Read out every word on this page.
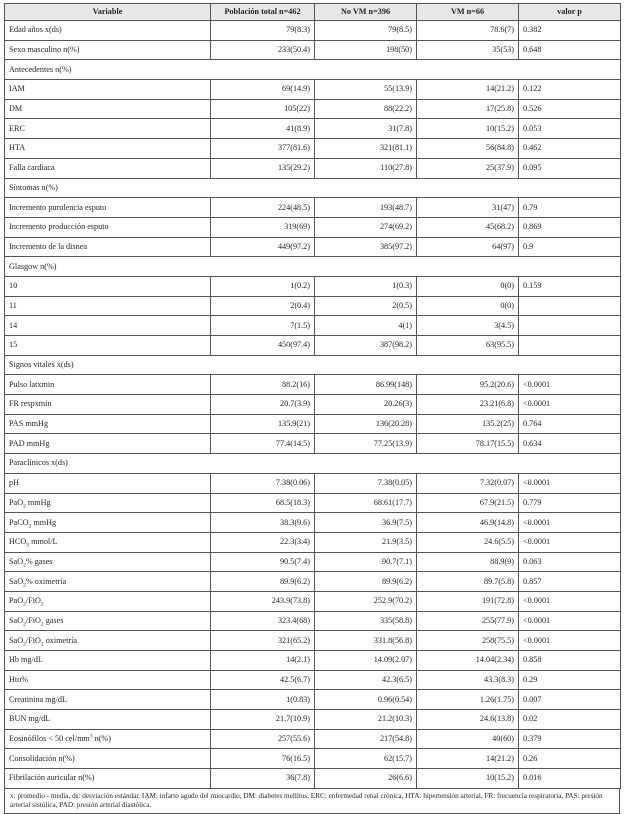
Variable	Población total n=462	No VM n=396	VM n=66	valor p
Edad años x(ds)	79(8.3)	79(8.5)	78.6(7)	0.382
Sexo masculino n(%)	233(50.4)	198(50)	35(53)	0.648
Antecedentes n(%)				
IAM	69(14.9)	55(13.9)	14(21.2)	0.122
DM	105(22)	88(22.2)	17(25.8)	0.526
ERC	41(8.9)	31(7.8)	10(15.2)	0.053
HTA	377(81.6)	321(81.1)	56(84.8)	0.462
Falla cardiaca	135(29.2)	110(27.8)	25(37.9)	0.095
Síntomas n(%)				
Incremento purulencia esputo	224(48.5)	193(48.7)	31(47)	0.79
Incremento producción esputo	319(69)	274(69.2)	45(68.2)	0.869
Incremento de la disnea	449(97.2)	385(97.2)	64(97)	0.9
Glasgow n(%)				
10	1(0.2)	1(0.3)	0(0)	0.159
11	2(0.4)	2(0.5)	0(0)	
14	7(1.5)	4(1)	3(4.5)	
15	450(97.4)	387(98.2)	63(95.5)	
Signos vitales x(ds)				
Pulso latxmin	88.2(16)	86.99(148)	95.2(20.6)	<0.0001
FR respxmin	20.7(3.9)	20.26(3)	23.21(6.8)	<0.0001
PAS mmHg	135.9(21)	136(20.28)	135.2(25)	0.764
PAD mmHg	77.4(14.5)	77.25(13.9)	78.17(15.5)	0.634
Paraclínicos x(ds)				
pH	7.38(0.06)	7.38(0.05)	7.32(0.07)	<0.0001
PaO$_2$ mmHg	68.5(18.3)	68.61(17.7)	67.9(21.5)	0.779
PaCO$_2$ mmHg	38.3(9.6)	36.9(7.5)	46.9(14.8)	<0.0001
$HCO_3$ mmol/L	22.3(3.4)	21.9(3.5)	24.6(5.5)	<0.0001
SaO$_2$% gases	90.5(7.4)	90.7(7.1)	88.9(9)	0.063
SaO$_2$% oximetría	89.9(6.2)	89.9(6.2)	89.7(5.8)	0.857
PaO$_2$/FiO$_2$	243.9(73.8)	252.9(70.2)	191(72.8)	<0.0001
SaO$_2$/FiO$_2$ gases	323.4(68)	335(58.8)	255(77.9)	<0.0001
SaO$_2$/FiO$_2$ oximetría	321(65.2)	331.8(56.8)	258(75.5)	<0.0001
Hb mg/dL	14(2.1)	14.09(2.07)	14.04(2.34)	0.858
Hto%	42.5(6.7)	42.3(6.5)	43.3(8.3)	0.29
Creatinina mg/dL	1(0.83)	0.96(0.54)	1.26(1.75)	0.007
BUN mg/dL	21.7(10.9)	21.2(10.3)	24.6(13.8)	0.02
Eosinófilos < 50 cel/$mm^3$ n(%)	257(55.6)	217(54.8)	40(60)	0.379
Consolidación n(%)	76(16.5)	62(15.7)	14(21.2)	0.26
Fibrilación auricular n(%)	36(7.8)	26(6.6)	10(15.2)	0.016
x: promedio - media, ds: desviación estándar. IAM: infarto agudo del miocardio, DM: diabetes mellitus, ERC: enfermedad renal crónica, HTA: hipertensión arterial, FR: frecuencia respiratoria, PAS: presión arterial sistólica, PAD: presión arterial diastólica.
